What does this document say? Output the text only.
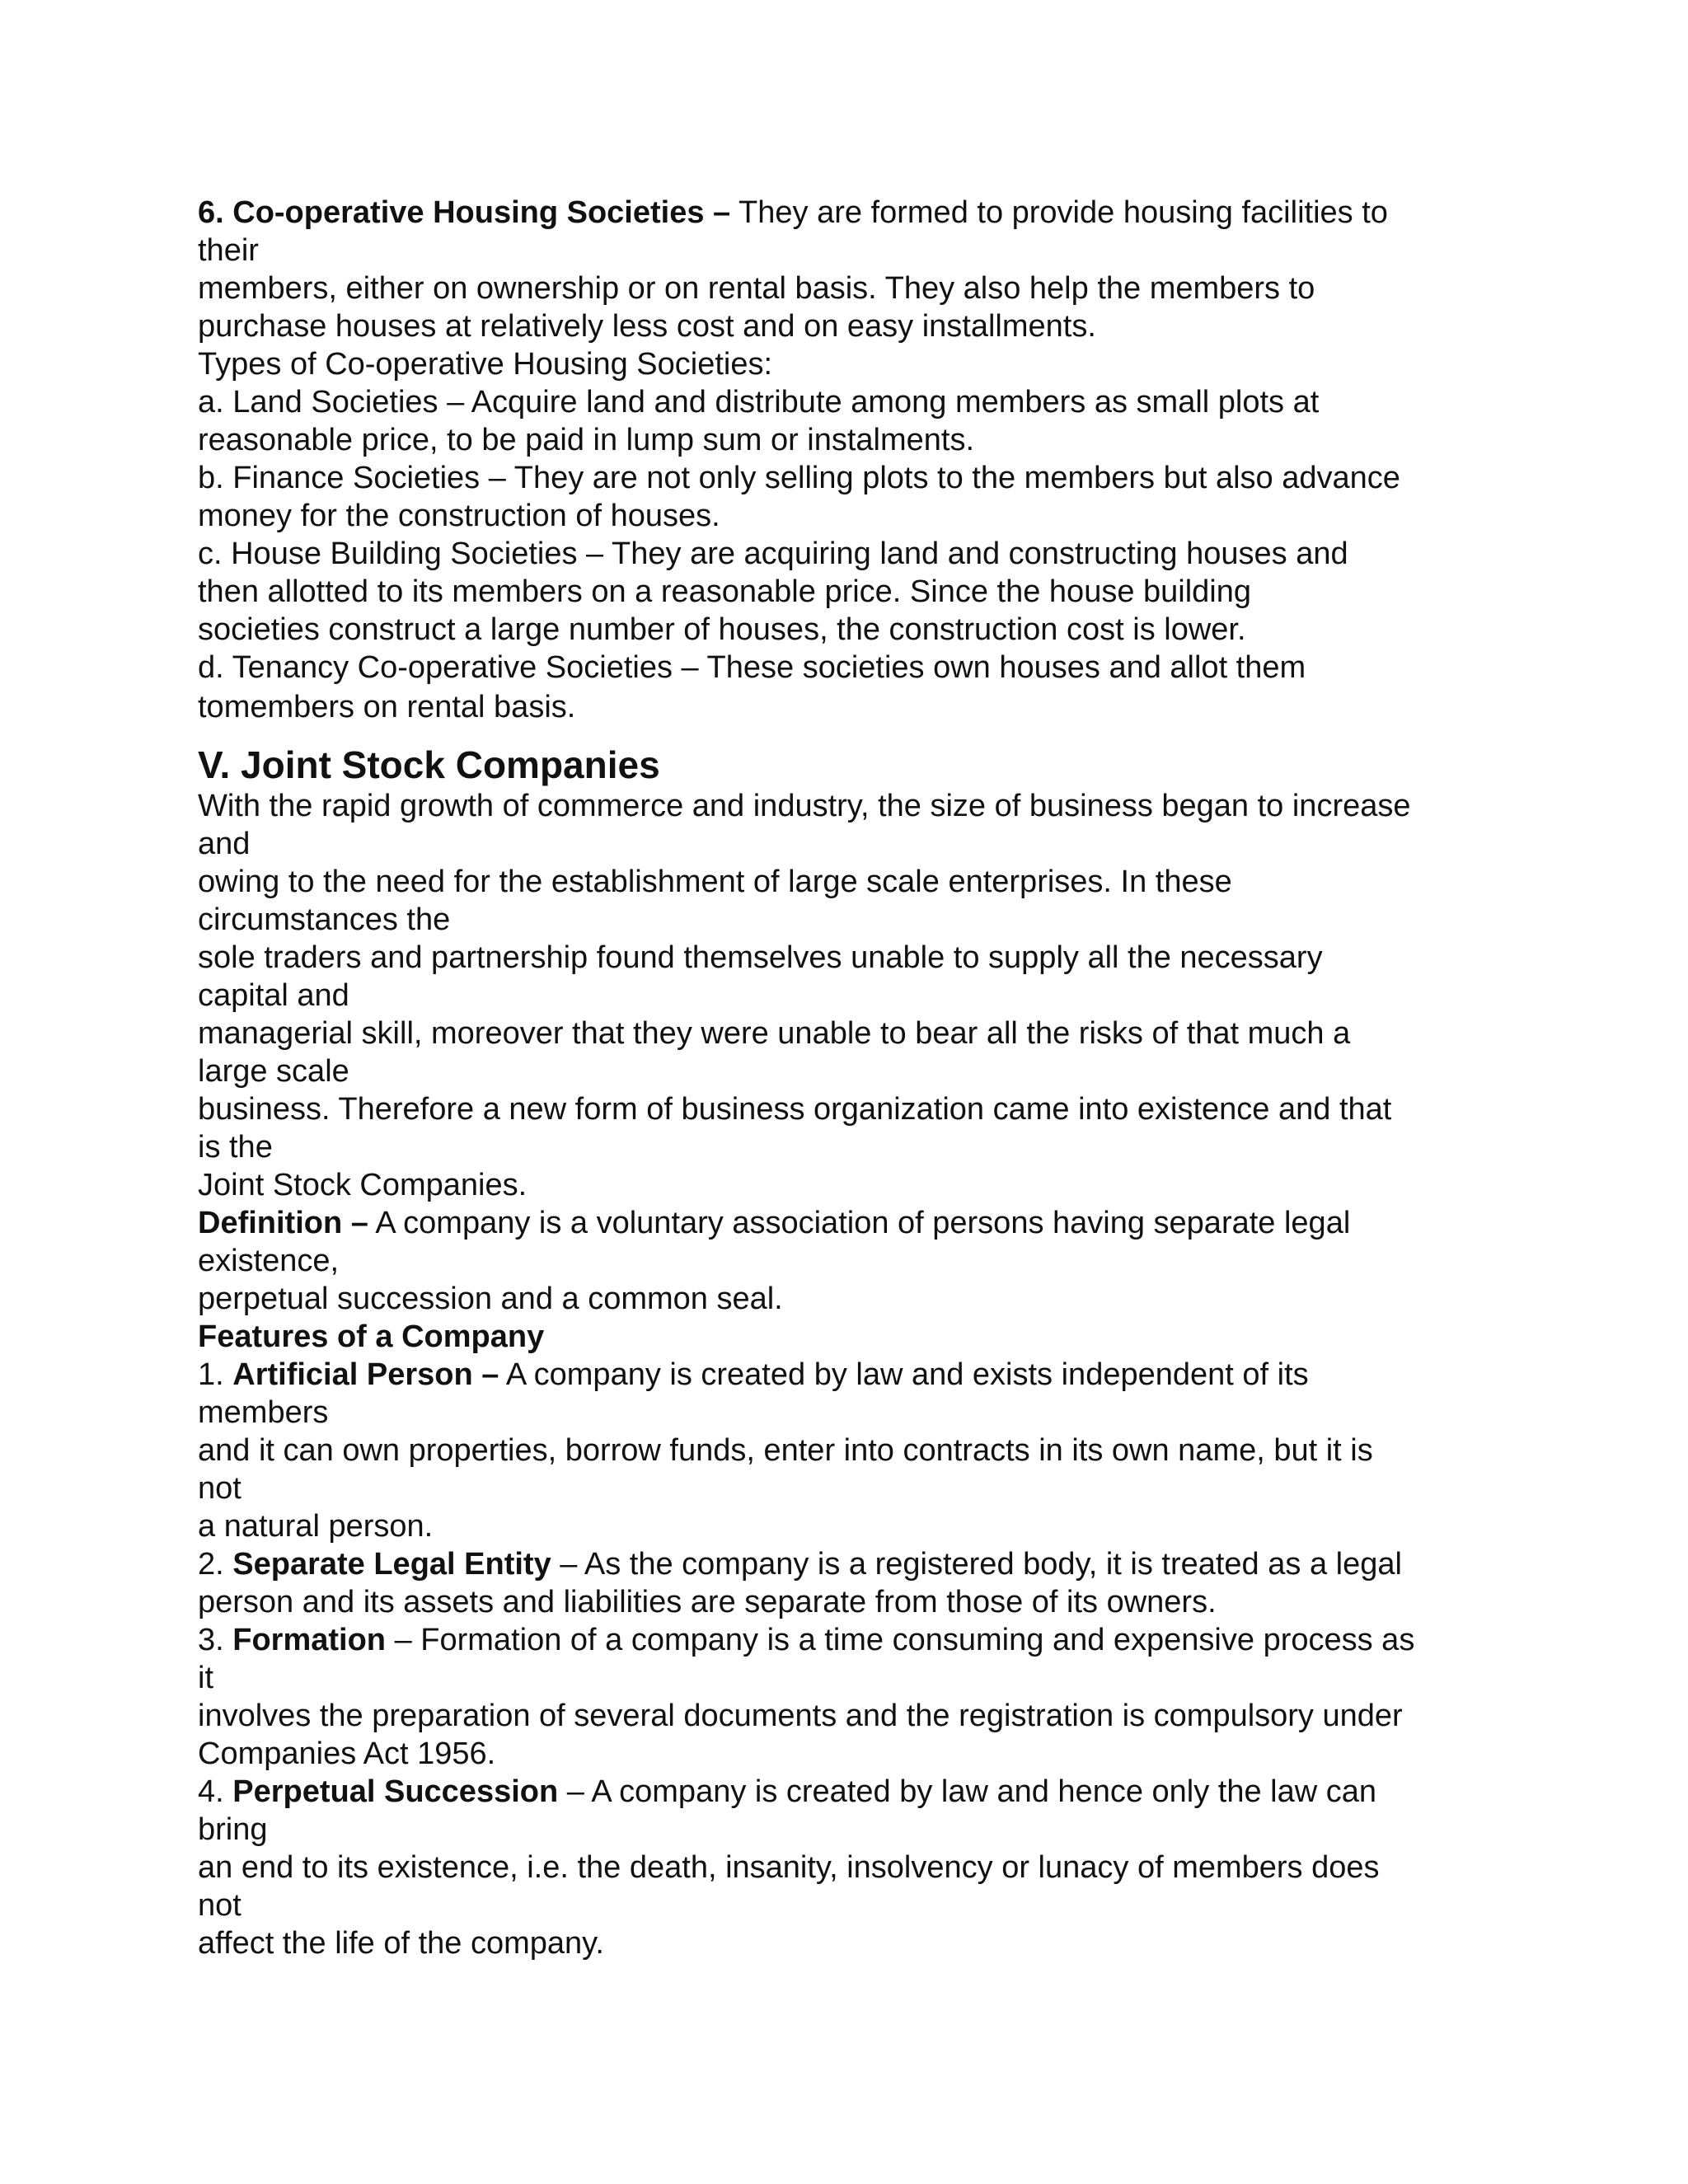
6. Co-operative Housing Societies – They are formed to provide housing facilities to

their

members, either on ownership or on rental basis. They also help the members to

purchase houses at relatively less cost and on easy installments.

Types of Co-operative Housing Societies:

a. Land Societies – Acquire land and distribute among members as small plots at

reasonable price, to be paid in lump sum or instalments.

b. Finance Societies – They are not only selling plots to the members but also advance

money for the construction of houses.

c. House Building Societies – They are acquiring land and constructing houses and

then allotted to its members on a reasonable price. Since the house building

societies construct a large number of houses, the construction cost is lower.

d. Tenancy Co-operative Societies – These societies own houses and allot them

tomembers on rental basis.

V. Joint Stock Companies

With the rapid growth of commerce and industry, the size of business began to increase

and

owing to the need for the establishment of large scale enterprises. In these

circumstances the

sole traders and partnership found themselves unable to supply all the necessary

capital and

managerial skill, moreover that they were unable to bear all the risks of that much a

large scale

business. Therefore a new form of business organization came into existence and that

is the

Joint Stock Companies.

Definition – A company is a voluntary association of persons having separate legal

existence,

perpetual succession and a common seal.

Features of a Company

1. Artificial Person – A company is created by law and exists independent of its

members

and it can own properties, borrow funds, enter into contracts in its own name, but it is

not

a natural person.

2. Separate Legal Entity – As the company is a registered body, it is treated as a legal

person and its assets and liabilities are separate from those of its owners.

3. Formation – Formation of a company is a time consuming and expensive process as

it

involves the preparation of several documents and the registration is compulsory under

Companies Act 1956.

4. Perpetual Succession – A company is created by law and hence only the law can

bring

an end to its existence, i.e. the death, insanity, insolvency or lunacy of members does

not

affect the life of the company.
